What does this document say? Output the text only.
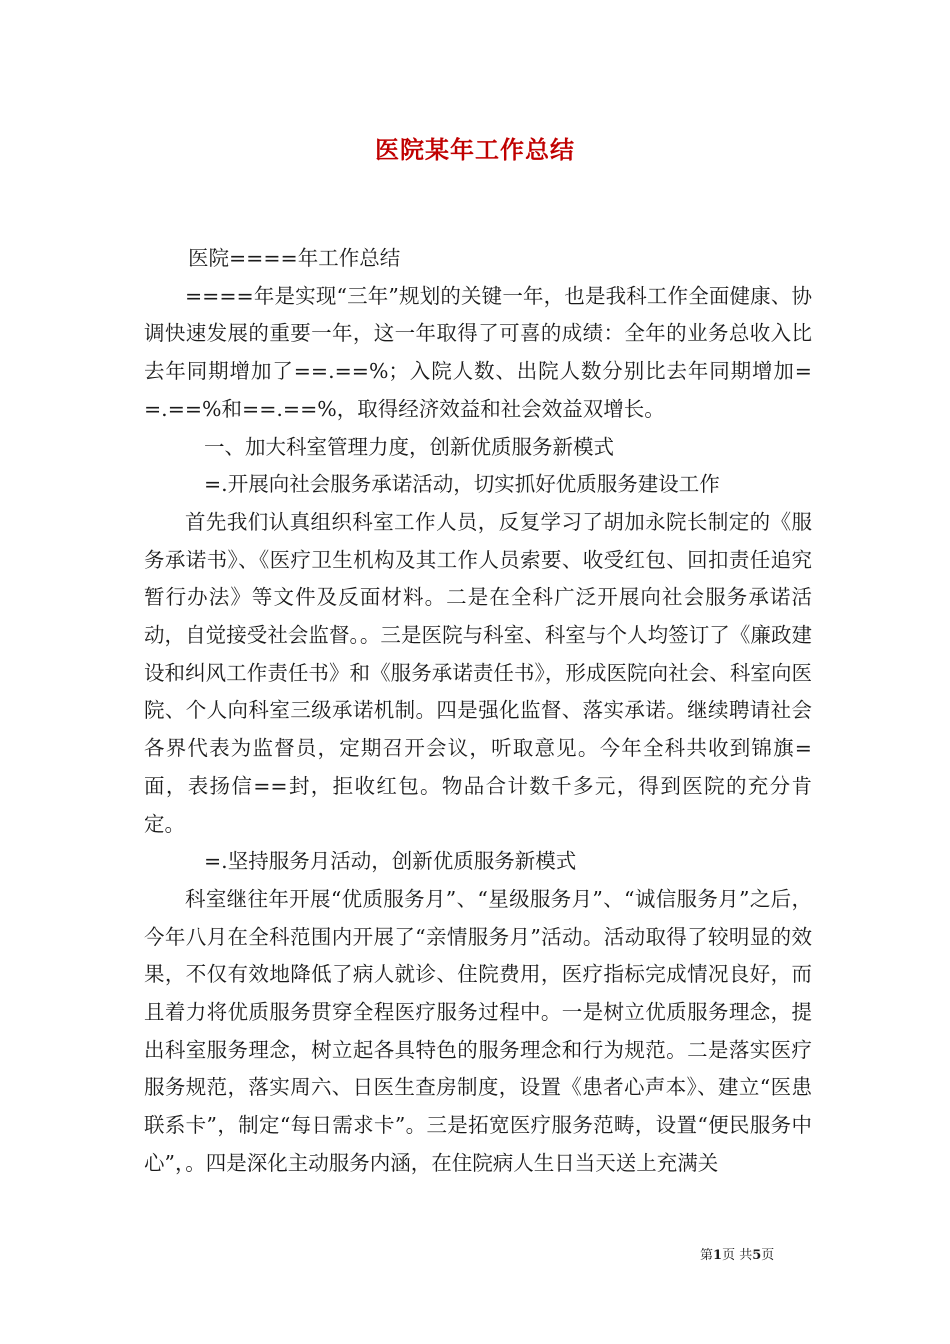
医院某年工作总结

医院====年工作总结

====年是实现“三年”规划的关键一年，也是我科工作全面健康、协调快速发展的重要一年，这一年取得了可喜的成绩：全年的业务总收入比去年同期增加了==.==%；入院人数、出院人数分别比去年同期增加==.==%和==.==%，取得经济效益和社会效益双增长。

一、加大科室管理力度，创新优质服务新模式

=.开展向社会服务承诺活动，切实抓好优质服务建设工作

首先我们认真组织科室工作人员，反复学习了胡加永院长制定的《服务承诺书》、《医疗卫生机构及其工作人员索要、收受红包、回扣责任追究暂行办法》等文件及反面材料。二是在全科广泛开展向社会服务承诺活动，自觉接受社会监督。。三是医院与科室、科室与个人均签订了《廉政建设和纠风工作责任书》和《服务承诺责任书》，形成医院向社会、科室向医院、个人向科室三级承诺机制。四是强化监督、落实承诺。继续聘请社会各界代表为监督员，定期召开会议，听取意见。今年全科共收到锦旗=面，表扬信==封，拒收红包。物品合计数千多元，得到医院的充分肯定。

=.坚持服务月活动，创新优质服务新模式

科室继往年开展“优质服务月”、“星级服务月”、“诚信服务月”之后，今年八月在全科范围内开展了“亲情服务月”活动。活动取得了较明显的效果，不仅有效地降低了病人就诊、住院费用，医疗指标完成情况良好，而且着力将优质服务贯穿全程医疗服务过程中。一是树立优质服务理念，提出科室服务理念，树立起各具特色的服务理念和行为规范。二是落实医疗服务规范，落实周六、日医生查房制度，设置《患者心声本》、建立“医患联系卡”，制定“每日需求卡”。三是拓宽医疗服务范畴，设置“便民服务中心”，。四是深化主动服务内涵，在住院病人生日当天送上充满关

第1页 共5页
